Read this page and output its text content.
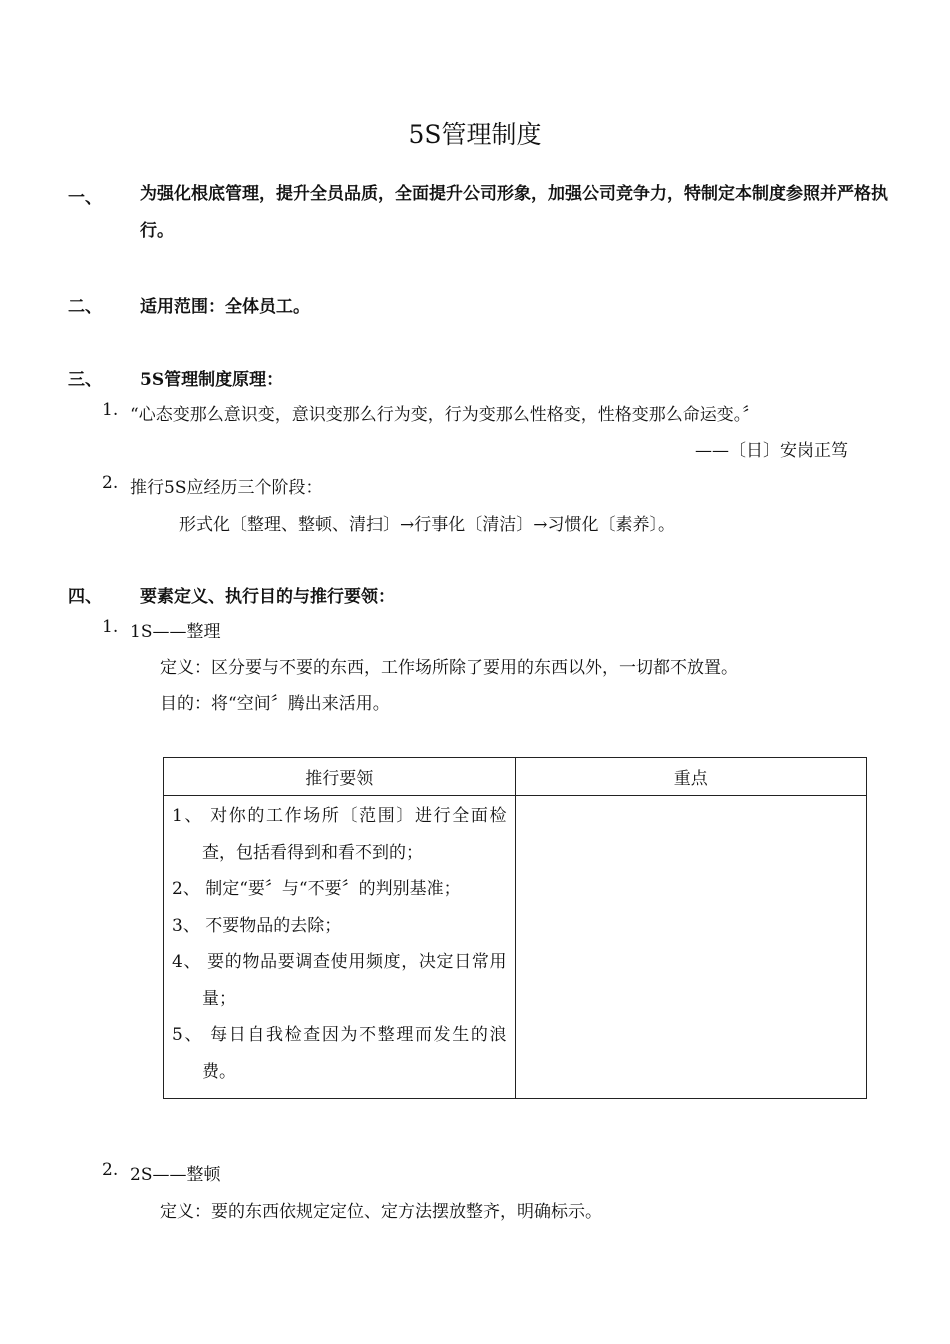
5S管理制度
一、 为强化根底管理，提升全员品质，全面提升公司形象，加强公司竞争力，特制定本制度参照并严格执行。
二、 适用范围：全体员工。
三、 5S管理制度原理：
1. “心态变那么意识变，意识变那么行为变，行为变那么性格变，性格变那么命运变。〞
——〔日〕安岗正笃
2. 推行5S应经历三个阶段：
形式化〔整理、整顿、清扫〕→行事化〔清洁〕→习惯化〔素养〕。
四、 要素定义、执行目的与推行要领：
1. 1S——整理
定义：区分要与不要的东西，工作场所除了要用的东西以外，一切都不放置。
目的：将“空间〞腾出来活用。
推行要领	重点

1、 对你的工作场所〔范围〕进行全面检查，包括看得到和看不到的；
2、 制定“要〞与“不要〞的判别基准；
3、 不要物品的去除；
4、 要的物品要调查使用频度，决定日常用量；
5、 每日自我检查因为不整理而发生的浪费。	

2. 2S——整顿
定义：要的东西依规定定位、定方法摆放整齐，明确标示。
